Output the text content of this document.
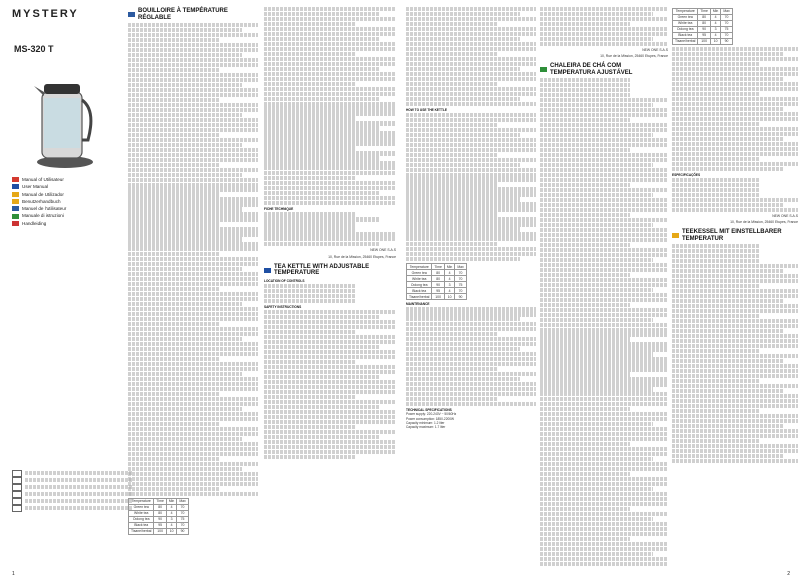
MYSTERY
MS-320 T
Manual of Utilisateur
User Manual
Manual de Utilizador
Benutzerhandbuch
Manuel de l'utilisateur
Manuale di istruzioni
Handleiding
BOUILLOIRE À TEMPÉRATURE RÉGLABLE
Temperature	Time	Min	Max
Green tea	80	4	70
White tea	80	4	70
Oolong tea	90	3	75
Black tea	95	4	70
Tisane/herbal	100	10	90
FICHE TECHNIQUE
NEW ONE S.A.S
10, Rue de la Mission, 25460 Etupes, France
TEA KETTLE WITH ADJUSTABLE TEMPERATURE
LOCATION OF CONTROLS
SAFETY INSTRUCTIONS
1
HOW TO USE THE KETTLE
Temperature	Time	Min	Max
Green tea	80	4	70
White tea	80	4	70
Oolong tea	90	3	75
Black tea	95	4	70
Tisane/herbal	100	10	90
MAINTENANCE
TECHNICAL SPECIFICATIONS
Power supply: 220-240V ~ 50/60Hz
Power consumption: 1850-2200W
Capacity minimum: 1.2 liter
Capacity maximum: 1.7 liter
NEW ONE S.A.S
10, Rue de la Mission, 25460 Etupes, France
CHALEIRA DE CHÁ COM TEMPERATURA AJUSTÁVEL
Temperature	Time	Min	Max
Green tea	80	4	70
White tea	80	4	70
Oolong tea	90	3	75
Black tea	95	4	70
Tisane/herbal	100	10	90
ESPECIFICAÇÕES
NEW ONE S.A.S
10, Rue de la Mission, 25460 Etupes, France
TEEKESSEL MIT EINSTELLBARER TEMPERATUR
2
